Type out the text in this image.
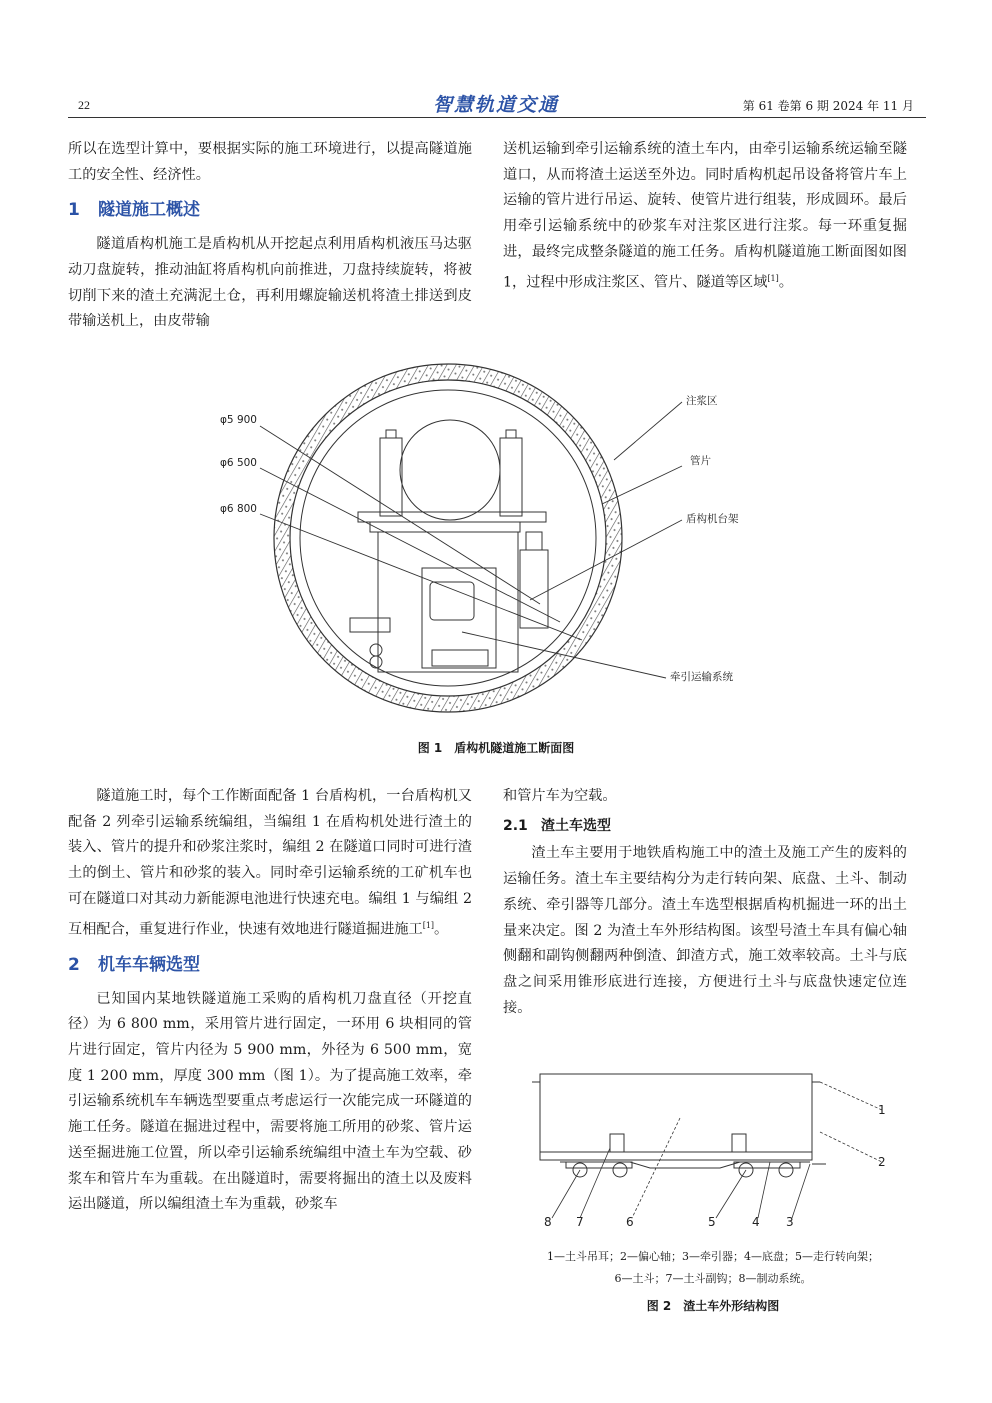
22	智慧轨道交通	第 61 卷第 6 期 2024 年 11 月

所以在选型计算中，要根据实际的施工环境进行，以提高隧道施工的安全性、经济性。

1 隧道施工概述

隧道盾构机施工是盾构机从开挖起点利用盾构机液压马达驱动刀盘旋转，推动油缸将盾构机向前推进，刀盘持续旋转，将被切削下来的渣土充满泥土仓，再利用螺旋输送机将渣土排送到皮带输送机上，由皮带输

送机运输到牵引运输系统的渣土车内，由牵引运输系统运输至隧道口，从而将渣土运送至外边。同时盾构机起吊设备将管片车上运输的管片进行吊运、旋转、使管片进行组装，形成圆环。最后用牵引运输系统中的砂浆车对注浆区进行注浆。每一环重复掘进，最终完成整条隧道的施工任务。盾构机隧道施工断面图如图 1，过程中形成注浆区、管片、隧道等区域[1]。

φ5 900
φ6 500
φ6 800
注浆区
管片
盾构机台架
牵引运输系统
图 1　盾构机隧道施工断面图

隧道施工时，每个工作断面配备 1 台盾构机，一台盾构机又配备 2 列牵引运输系统编组，当编组 1 在盾构机处进行渣土的装入、管片的提升和砂浆注浆时，编组 2 在隧道口同时可进行渣土的倒土、管片和砂浆的装入。同时牵引运输系统的工矿机车也可在隧道口对其动力新能源电池进行快速充电。编组 1 与编组 2 互相配合，重复进行作业，快速有效地进行隧道掘进施工[1]。

2 机车车辆选型

已知国内某地铁隧道施工采购的盾构机刀盘直径（开挖直径）为 6 800 mm，采用管片进行固定，一环用 6 块相同的管片进行固定，管片内径为 5 900 mm，外径为 6 500 mm，宽度 1 200 mm，厚度 300 mm（图 1）。为了提高施工效率，牵引运输系统机车车辆选型要重点考虑运行一次能完成一环隧道的施工任务。隧道在掘进过程中，需要将施工所用的砂浆、管片运送至掘进施工位置，所以牵引运输系统编组中渣土车为空载、砂浆车和管片车为重载。在出隧道时，需要将掘出的渣土以及废料运出隧道，所以编组渣土车为重载，砂浆车

和管片车为空载。

2.1 渣土车选型

渣土车主要用于地铁盾构施工中的渣土及施工产生的废料的运输任务。渣土车主要结构分为走行转向架、底盘、土斗、制动系统、牵引器等几部分。渣土车选型根据盾构机掘进一环的出土量来决定。图 2 为渣土车外形结构图。该型号渣土车具有偏心轴侧翻和副钩侧翻两种倒渣、卸渣方式，施工效率较高。土斗与底盘之间采用锥形底进行连接，方便进行土斗与底盘快速定位连接。

1
2
8 7	6	5	4 3
1—土斗吊耳；2—偏心轴；3—牵引器；4—底盘；5—走行转向架；
6—土斗；7—土斗副钩；8—制动系统。
图 2　渣土车外形结构图
